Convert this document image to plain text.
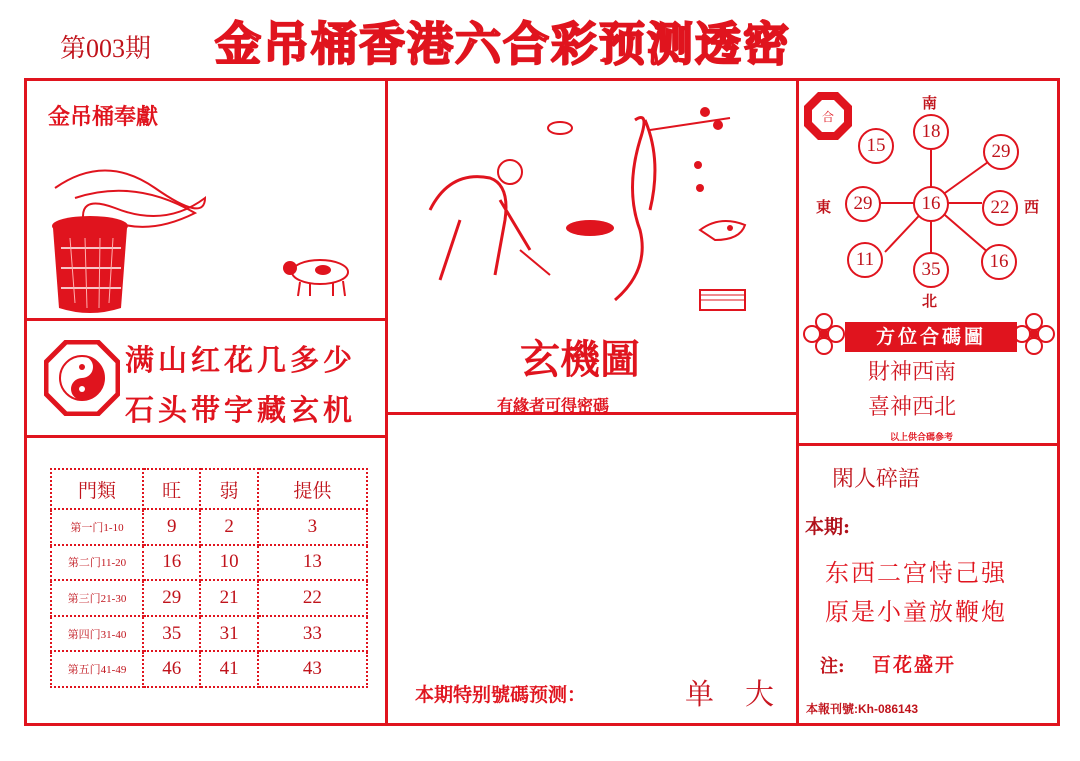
第003期 金吊桶香港六合彩预测透密
金吊桶奉獻
满山红花几多少
石头带字藏玄机
門類	旺	弱	提供
第一门1-10	9	2	3
第二门11-20	16	10	13
第三门21-30	29	21	22
第四门31-40	35	31	33
第五门41-49	46	41	43
玄機圖
有緣者可得密碼
本期特别號碼预测：	单 大
合
南
北
東	西
18
15	29
29	16	22
11	35	16
方位合碼圖
財神西南
喜神西北
以上供合碼參考
閑人碎語
本期:
东西二宫恃己强
原是小童放鞭炮
注: 百花盛开
本報刊號:Kh-086143
